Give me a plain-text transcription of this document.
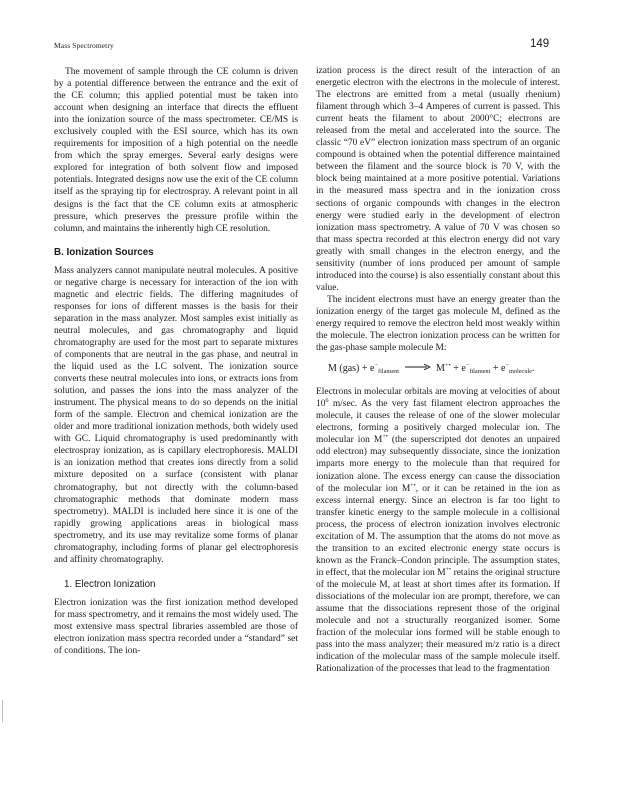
Mass Spectrometry	149

The movement of sample through the CE column is driven by a potential difference between the entrance and the exit of the CE column; this applied potential must be taken into account when designing an interface that directs the effluent into the ionization source of the mass spectrometer. CE/MS is exclusively coupled with the ESI source, which has its own requirements for imposition of a high potential on the needle from which the spray emerges. Several early designs were explored for integration of both solvent flow and imposed potentials. Integrated designs now use the exit of the CE column itself as the spraying tip for electrospray. A relevant point in all designs is the fact that the CE column exits at atmospheric pressure, which preserves the pressure profile within the column, and maintains the inherently high CE resolution.

B. Ionization Sources

Mass analyzers cannot manipulate neutral molecules. A positive or negative charge is necessary for interaction of the ion with magnetic and electric fields. The differing magnitudes of responses for ions of different masses is the basis for their separation in the mass analyzer. Most samples exist initially as neutral molecules, and gas chromatography and liquid chromatography are used for the most part to separate mixtures of components that are neutral in the gas phase, and neutral in the liquid used as the LC solvent. The ionization source converts these neutral molecules into ions, or extracts ions from solution, and passes the ions into the mass analyzer of the instrument. The physical means to do so depends on the initial form of the sample. Electron and chemical ionization are the older and more traditional ionization methods, both widely used with GC. Liquid chromatography is used predominantly with electrospray ionization, as is capillary electrophoresis. MALDI is an ionization method that creates ions directly from a solid mixture deposited on a surface (consistent with planar chromatography, but not directly with the column-based chromatographic methods that dominate modern mass spectrometry). MALDI is included here since it is one of the rapidly growing applications areas in biological mass spectrometry, and its use may revitalize some forms of planar chromatography, including forms of planar gel electrophoresis and affinity chromatography.

1. Electron Ionization

Electron ionization was the first ionization method developed for mass spectrometry, and it remains the most widely used. The most extensive mass spectral libraries assembled are those of electron ionization mass spectra recorded under a “standard” set of conditions. The ion-

ization process is the direct result of the interaction of an energetic electron with the electrons in the molecule of interest. The electrons are emitted from a metal (usually rhenium) filament through which 3–4 Amperes of current is passed. This current heats the filament to about 2000°C; electrons are released from the metal and accelerated into the source. The classic “70 eV” electron ionization mass spectrum of an organic compound is obtained when the potential difference maintained between the filament and the source block is 70 V, with the block being maintained at a more positive potential. Variations in the measured mass spectra and in the ionization cross sections of organic compounds with changes in the electron energy were studied early in the development of electron ionization mass spectrometry. A value of 70 V was chosen so that mass spectra recorded at this electron energy did not vary greatly with small changes in the electron energy, and the sensitivity (number of ions produced per amount of sample introduced into the course) is also essentially constant about this value.

The incident electrons must have an energy greater than the ionization energy of the target gas molecule M, defined as the energy required to remove the electron held most weakly within the molecule. The electron ionization process can be written for the gas-phase sample molecule M:

M $(gas) + e^-_{filament} \to M^{+•} + e^-_{filament} + e^-_{molecule}$.

Electrons in molecular orbitals are moving at velocities of about $10^6$ m/sec. As the very fast filament electron approaches the molecule, it causes the release of one of the slower molecular electrons, forming a positively charged molecular ion. The molecular ion M+• (the superscripted dot denotes an unpaired odd electron) may subsequently dissociate, since the ionization imparts more energy to the molecule than that required for ionization alone. The excess energy can cause the dissociation of the molecular ion M+•, or it can be retained in the ion as excess internal energy. Since an electron is far too light to transfer kinetic energy to the sample molecule in a collisional process, the process of electron ionization involves electronic excitation of M. The assumption that the atoms do not move as the transition to an excited electronic energy state occurs is known as the Franck–Condon principle. The assumption states, in effect, that the molecular ion M+• retains the original structure of the molecule M, at least at short times after its formation. If dissociations of the molecular ion are prompt, therefore, we can assume that the dissociations represent those of the original molecule and not a structurally reorganized isomer. Some fraction of the molecular ions formed will be stable enough to pass into the mass analyzer; their measured m/z ratio is a direct indication of the molecular mass of the sample molecule itself. Rationalization of the processes that lead to the fragmentation
